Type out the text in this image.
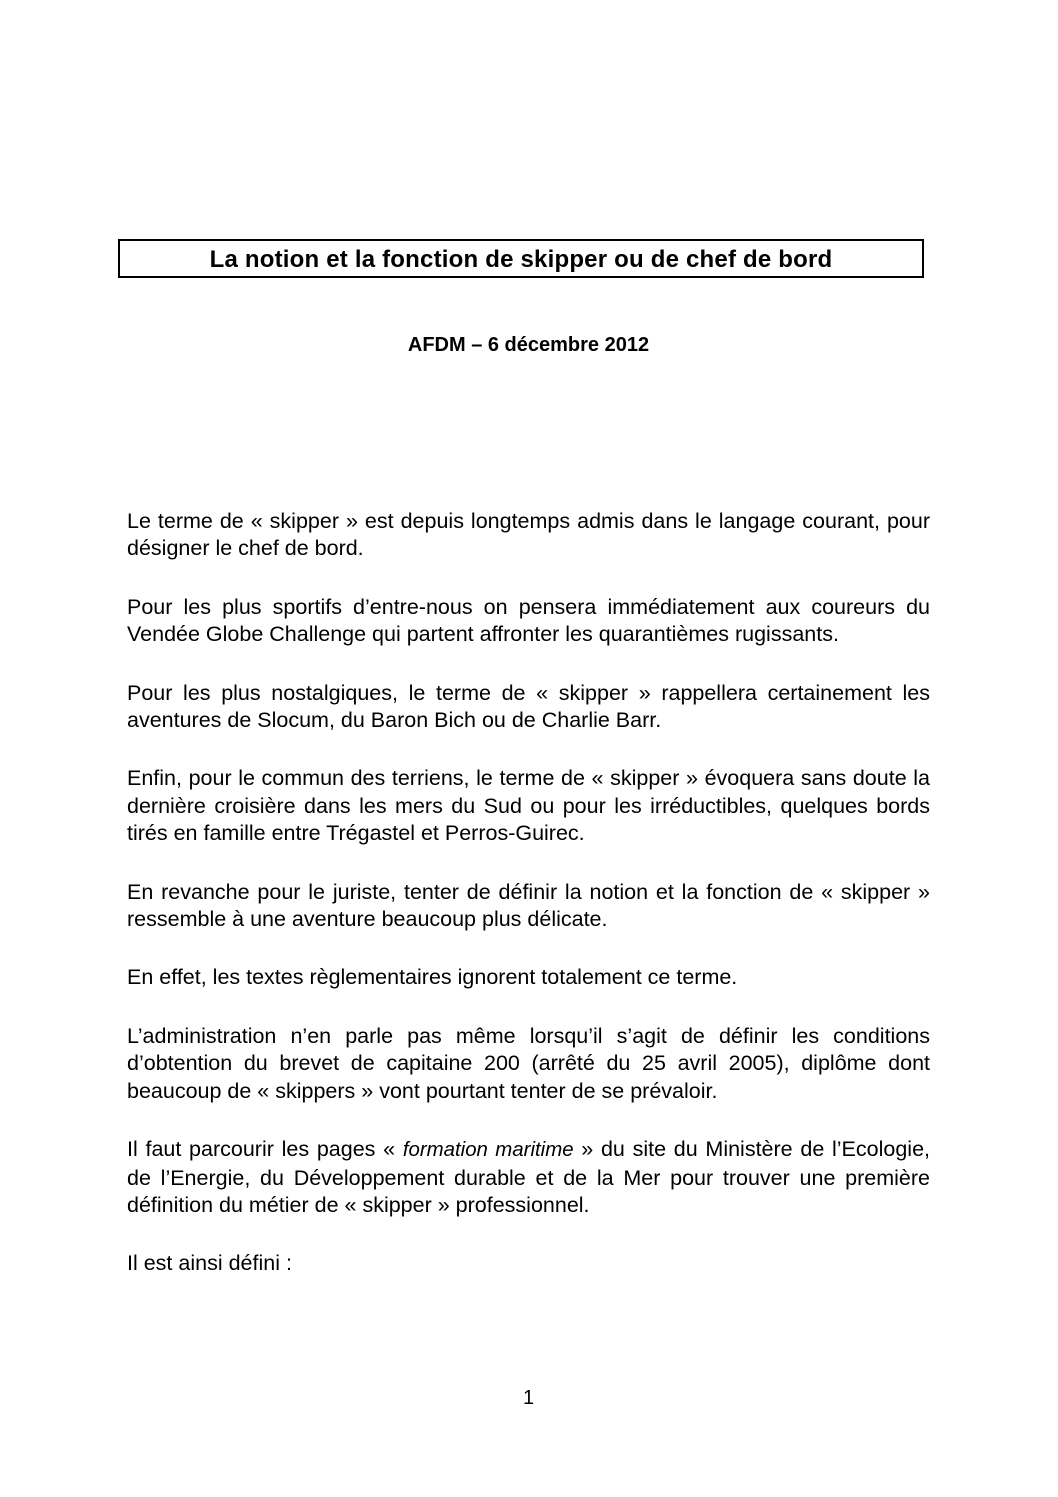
La notion et la fonction de skipper ou de chef de bord
AFDM – 6 décembre 2012

Le terme de « skipper » est depuis longtemps admis dans le langage courant, pour désigner le chef de bord.

Pour les plus sportifs d’entre-nous on pensera immédiatement aux coureurs du Vendée Globe Challenge qui partent affronter les quarantièmes rugissants.

Pour les plus nostalgiques, le terme de « skipper » rappellera certainement les aventures de Slocum, du Baron Bich ou de Charlie Barr.

Enfin, pour le commun des terriens, le terme de « skipper » évoquera sans doute la dernière croisière dans les mers du Sud ou pour les irréductibles, quelques bords tirés en famille entre Trégastel et Perros-Guirec.

En revanche pour le juriste, tenter de définir la notion et la fonction de « skipper » ressemble à une aventure beaucoup plus délicate.

En effet, les textes règlementaires ignorent totalement ce terme.

L’administration n’en parle pas même lorsqu’il s’agit de définir les conditions d’obtention du brevet de capitaine 200 (arrêté du 25 avril 2005), diplôme dont beaucoup de « skippers » vont pourtant tenter de se prévaloir.

Il faut parcourir les pages « formation maritime » du site du Ministère de l’Ecologie, de l’Energie, du Développement durable et de la Mer pour trouver une première définition du métier de « skipper » professionnel.

Il est ainsi défini :

1
